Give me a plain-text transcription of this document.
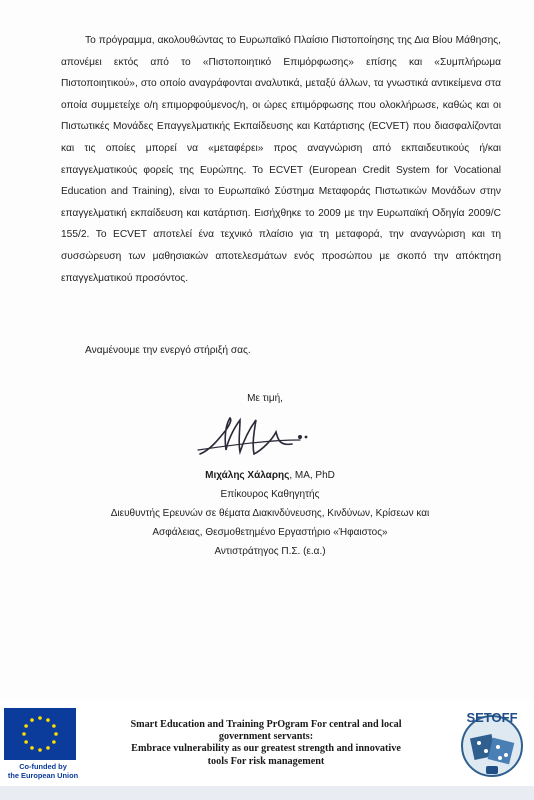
Το πρόγραμμα, ακολουθώντας το Ευρωπαϊκό Πλαίσιο Πιστοποίησης της Δια Βίου Μάθησης, απονέμει εκτός από το «Πιστοποιητικό Επιμόρφωσης» επίσης και «Συμπλήρωμα Πιστοποιητικού», στο οποίο αναγράφονται αναλυτικά, μεταξύ άλλων, τα γνωστικά αντικείμενα στα οποία συμμετείχε ο/η επιμορφούμενος/η, οι ώρες επιμόρφωσης που ολοκλήρωσε, καθώς και οι Πιστωτικές Μονάδες Επαγγελματικής Εκπαίδευσης και Κατάρτισης (ECVET) που διασφαλίζονται και τις οποίες μπορεί να «μεταφέρει» προς αναγνώριση από εκπαιδευτικούς ή/και επαγγελματικούς φορείς της Ευρώπης. Το ECVET (European Credit System for Vocational Education and Training), είναι το Ευρωπαϊκό Σύστημα Μεταφοράς Πιστωτικών Μονάδων στην επαγγελματική εκπαίδευση και κατάρτιση. Εισήχθηκε το 2009 με την Ευρωπαϊκή Οδηγία 2009/C 155/2. Το ECVET αποτελεί ένα τεχνικό πλαίσιο για τη μεταφορά, την αναγνώριση και τη συσσώρευση των μαθησιακών αποτελεσμάτων ενός προσώπου με σκοπό την απόκτηση επαγγελματικού προσόντος.

Αναμένουμε την ενεργό στήριξή σας.
Με τιμή,
Μιχάλης Χάλαρης, MA, PhD
Επίκουρος Καθηγητής
Διευθυντής Ερευνών σε θέματα Διακινδύνευσης, Κινδύνων, Κρίσεων και
Ασφάλειας, Θεσμοθετημένο Εργαστήριο «Ήφαιστος»
Αντιστράτηγος Π.Σ. (ε.α.)
Co-funded by
the European Union
Smart Education and Training PrOgram For central and local
government servants:
Embrace vulnerability as our greatest strength and innovative
tools For risk management
SETOFF
